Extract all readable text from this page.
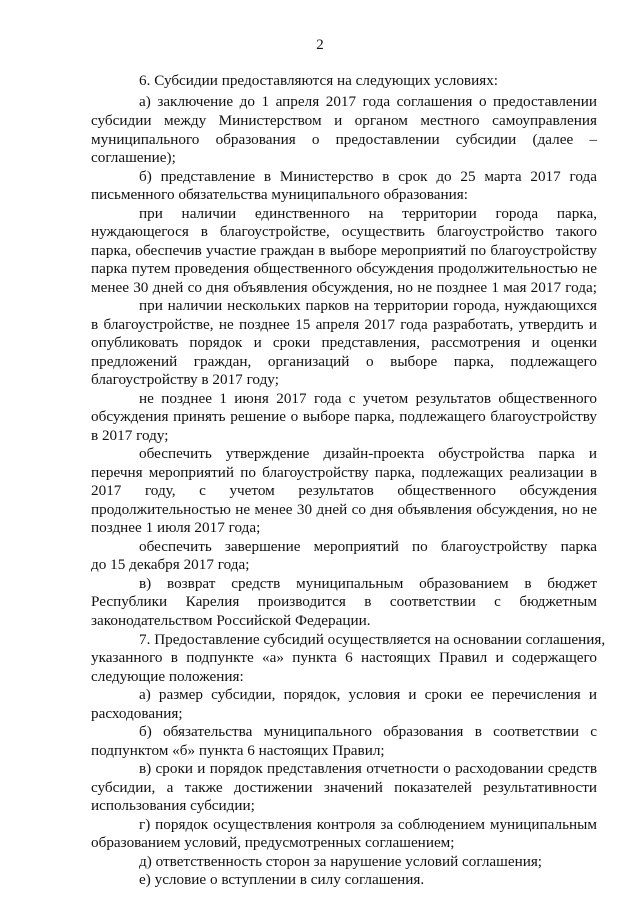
2
6. Субсидии предоставляются на следующих условиях:
а) заключение до 1 апреля 2017 года соглашения о предоставлении
субсидии между Министерством и органом местного самоуправления
муниципального образования о предоставлении субсидии (далее –
соглашение);
б) представление в Министерство в срок до 25 марта 2017 года
письменного обязательства муниципального образования:
при наличии единственного на территории города парка,
нуждающегося в благоустройстве, осуществить благоустройство такого
парка, обеспечив участие граждан в выборе мероприятий по благоустройству
парка путем проведения общественного обсуждения продолжительностью не
менее 30 дней со дня объявления обсуждения, но не позднее 1 мая 2017 года;
при наличии нескольких парков на территории города, нуждающихся
в благоустройстве, не позднее 15 апреля 2017 года разработать, утвердить и
опубликовать порядок и сроки представления, рассмотрения и оценки
предложений граждан, организаций о выборе парка, подлежащего
благоустройству в 2017 году;
не позднее 1 июня 2017 года с учетом результатов общественного
обсуждения принять решение о выборе парка, подлежащего благоустройству
в 2017 году;
обеспечить утверждение дизайн-проекта обустройства парка и
перечня мероприятий по благоустройству парка, подлежащих реализации в
2017 году, с учетом результатов общественного обсуждения
продолжительностью не менее 30 дней со дня объявления обсуждения, но не
позднее 1 июля 2017 года;
обеспечить завершение мероприятий по благоустройству парка
до 15 декабря 2017 года;
в) возврат средств муниципальным образованием в бюджет
Республики Карелия производится в соответствии с бюджетным
законодательством Российской Федерации.
7. Предоставление субсидий осуществляется на основании соглашения,
указанного в подпункте «а» пункта 6 настоящих Правил и содержащего
следующие положения:
а) размер субсидии, порядок, условия и сроки ее перечисления и
расходования;
б) обязательства муниципального образования в соответствии с
подпунктом «б» пункта 6 настоящих Правил;
в) сроки и порядок представления отчетности о расходовании средств
субсидии, а также достижении значений показателей результативности
использования субсидии;
г) порядок осуществления контроля за соблюдением муниципальным
образованием условий, предусмотренных соглашением;
д) ответственность сторон за нарушение условий соглашения;
е) условие о вступлении в силу соглашения.
